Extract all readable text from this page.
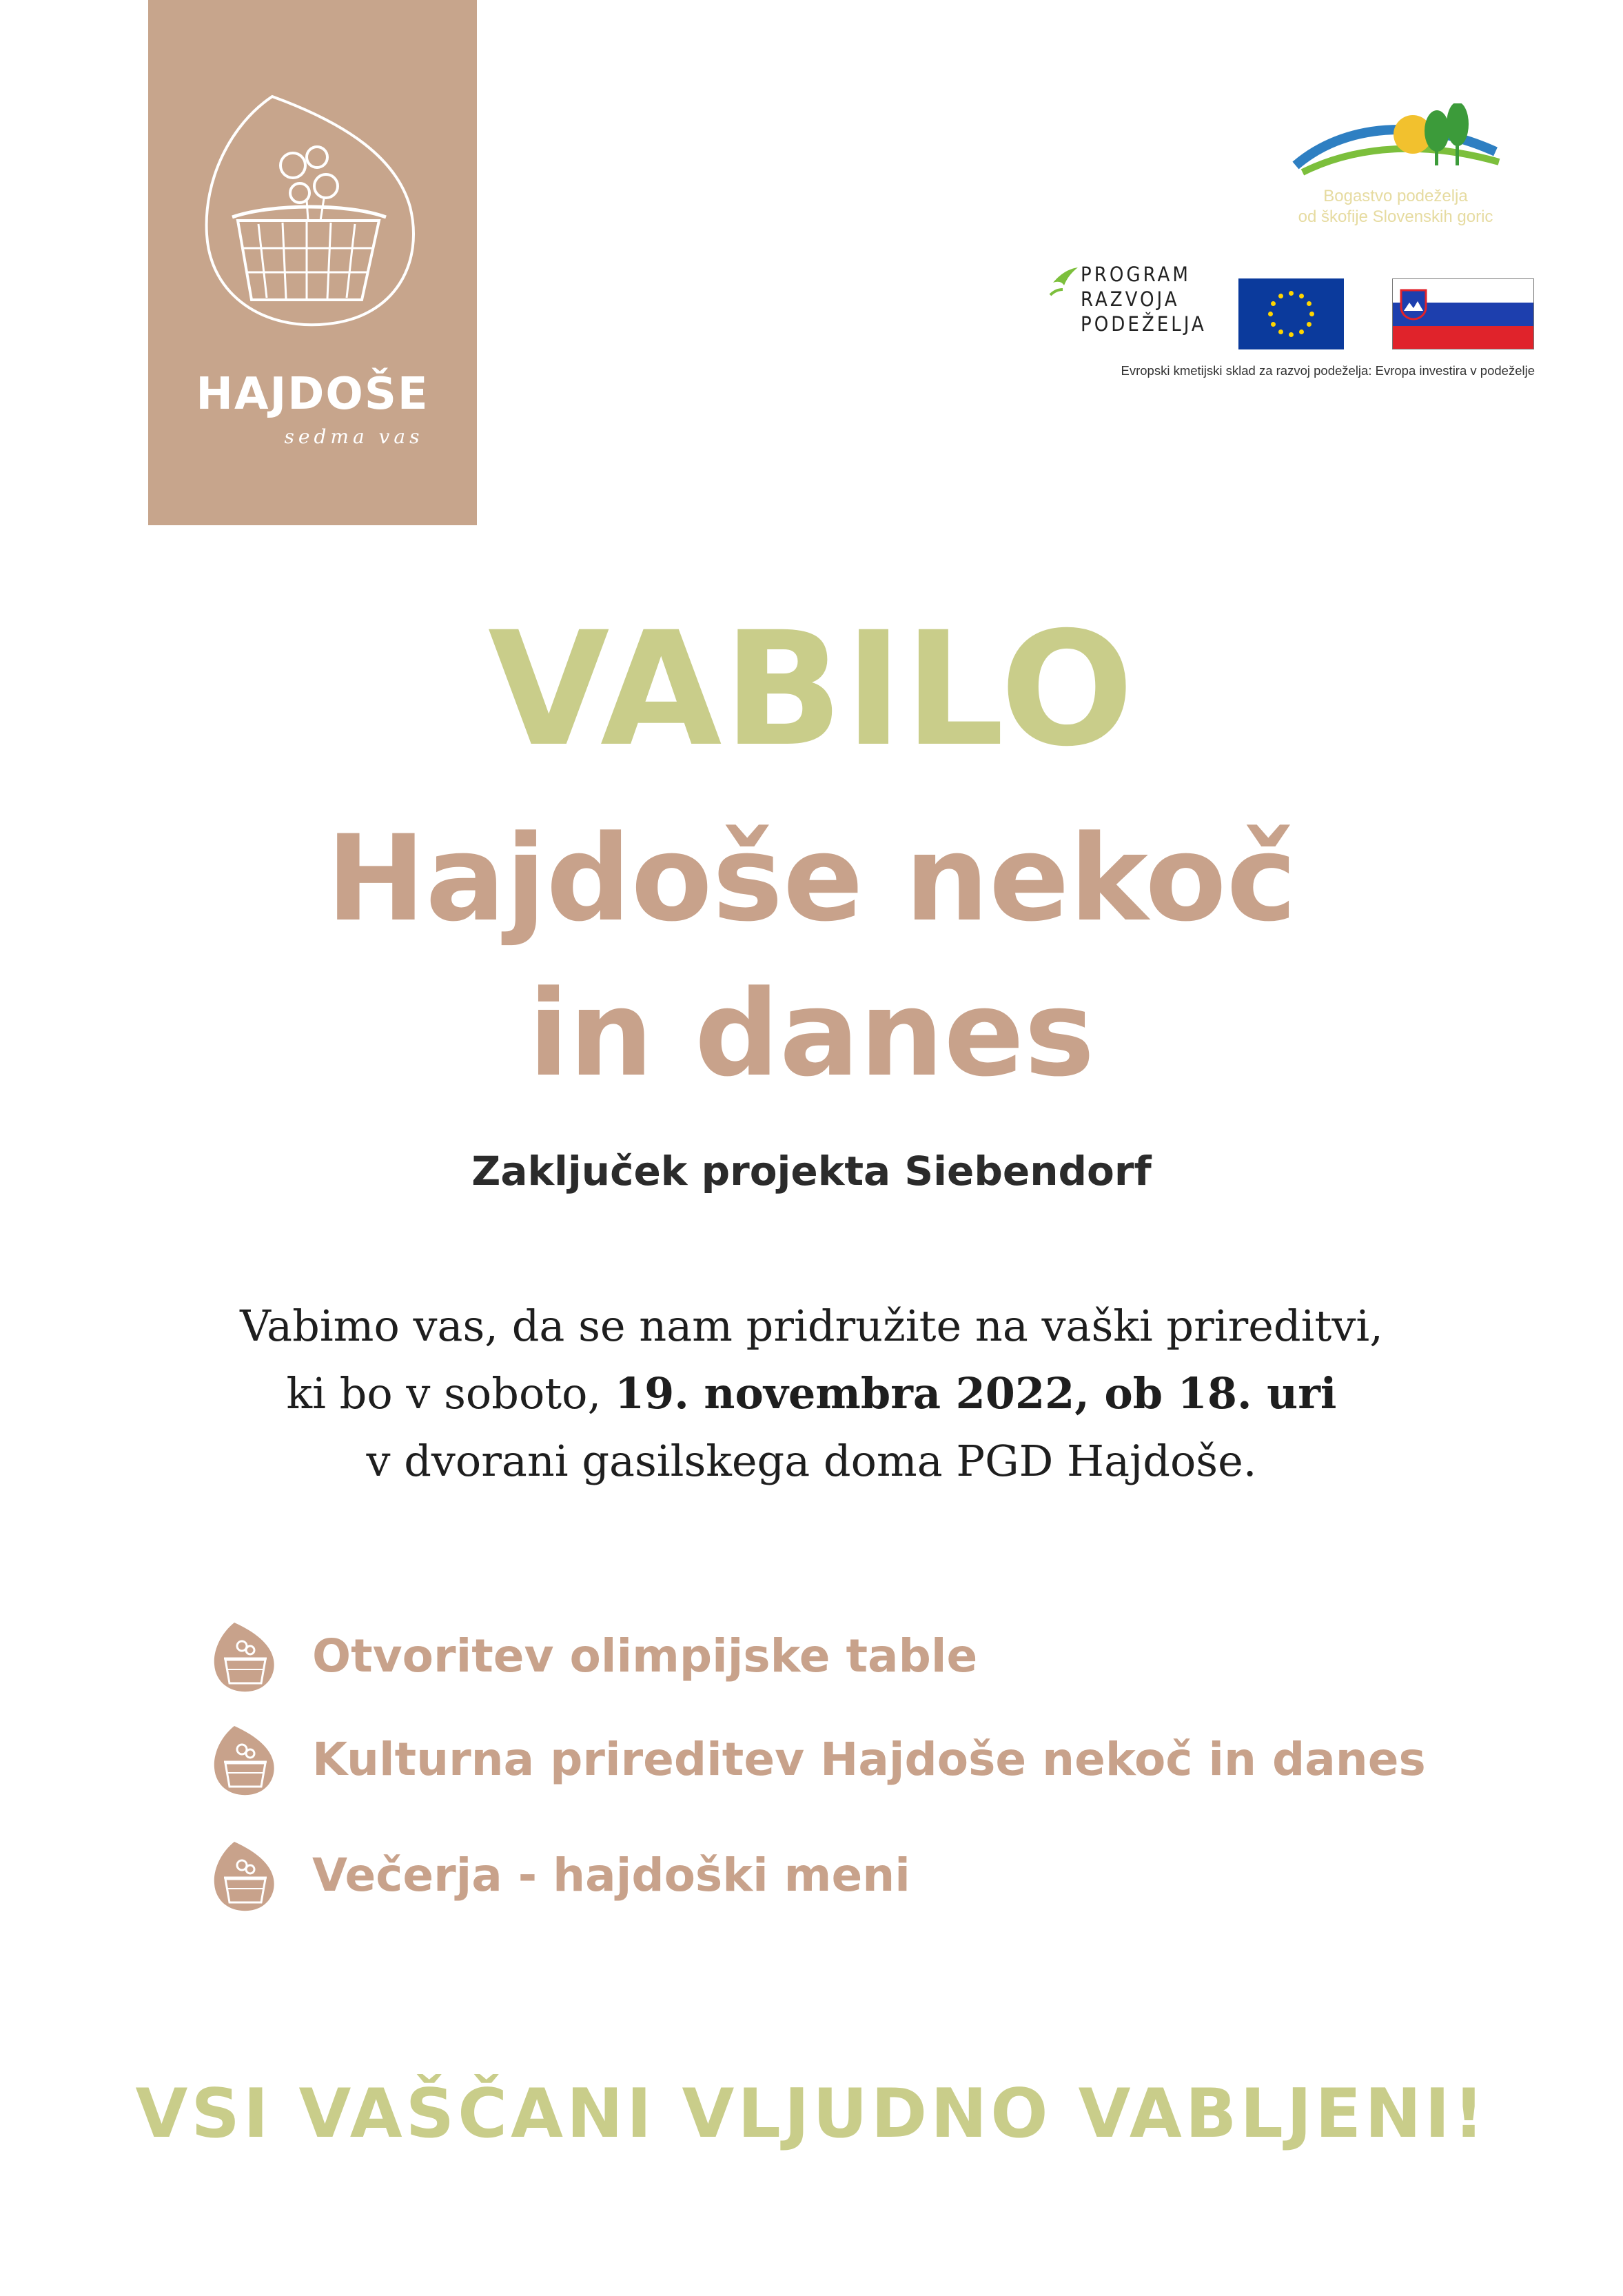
HAJDOŠE
sedma vas
Bogastvo podeželja
od škofije Slovenskih goric
PROGRAM
RAZVOJA
PODEŽELJA
Evropski kmetijski sklad za razvoj podeželja: Evropa investira v podeželje
VABILO
Hajdoše nekoč
in danes
Zaključek projekta Siebendorf
Vabimo vas, da se nam pridružite na vaški prireditvi,
ki bo v soboto, 19. novembra 2022, ob 18. uri
v dvorani gasilskega doma PGD Hajdoše.
Otvoritev olimpijske table
Kulturna prireditev Hajdoše nekoč in danes
Večerja - hajdoški meni
VSI VAŠČANI VLJUDNO VABLJENI!
